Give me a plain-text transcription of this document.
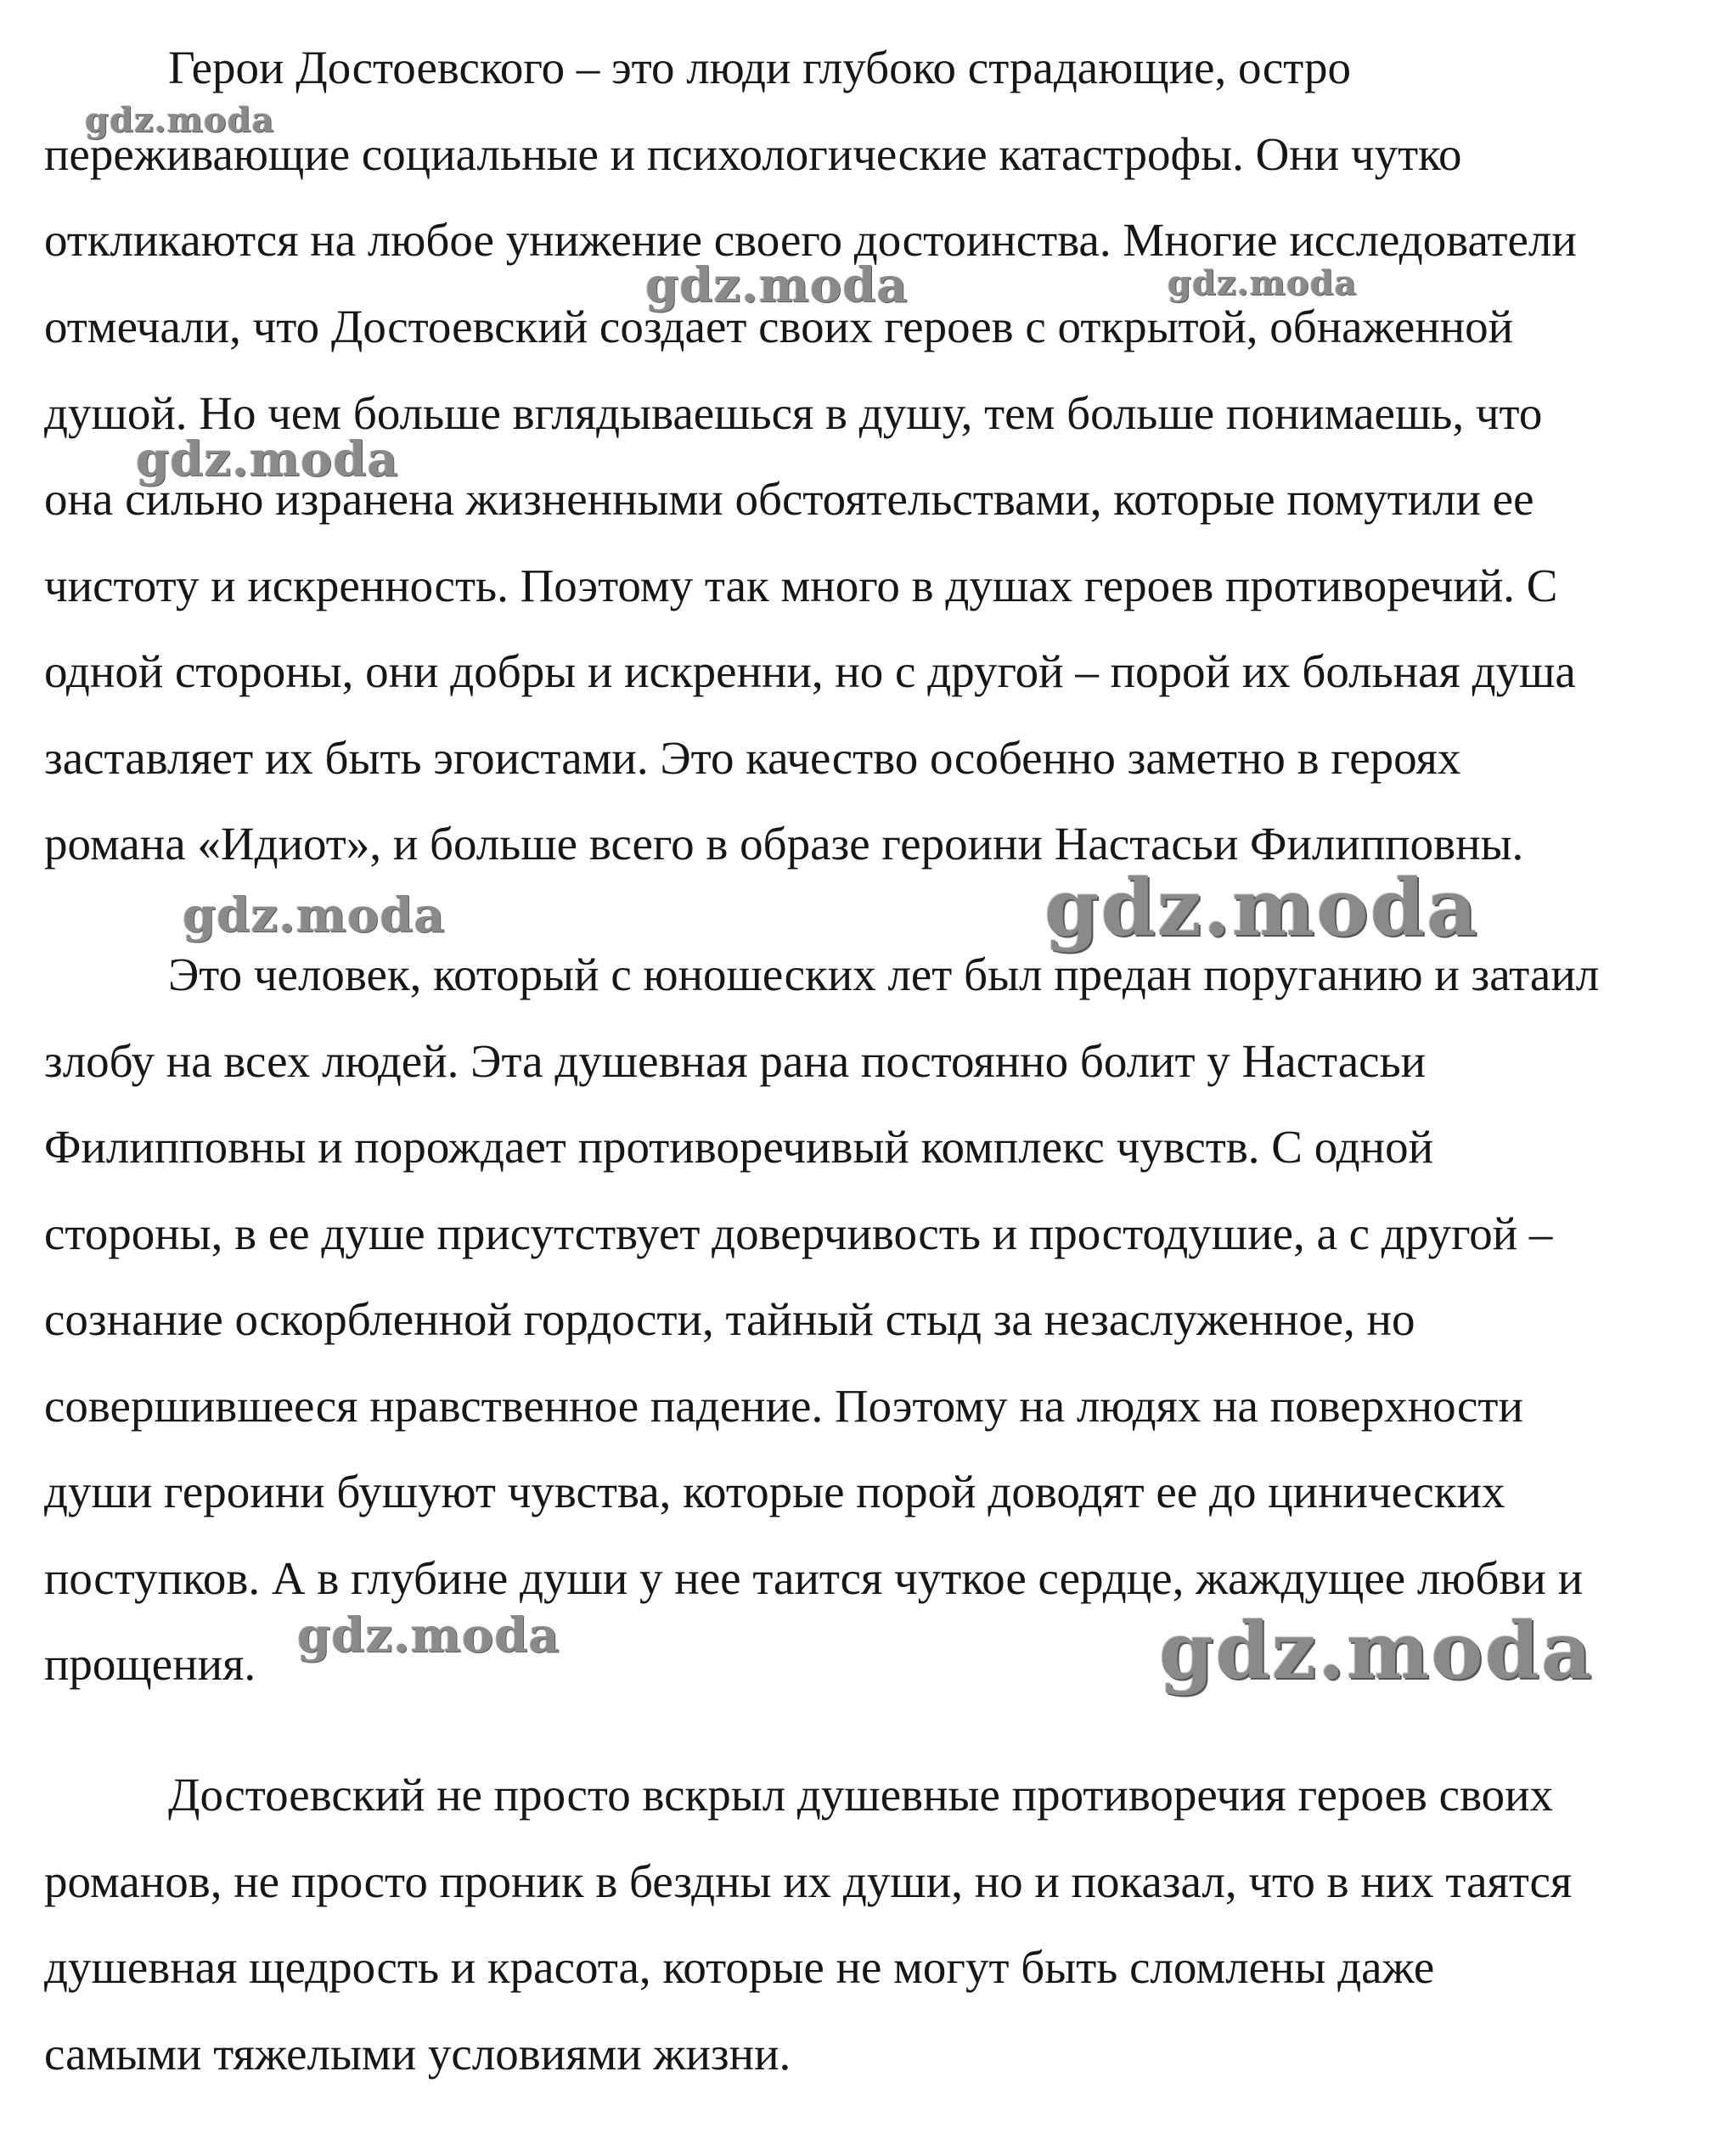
Герои Достоевского – это люди глубоко страдающие, остро
переживающие социальные и психологические катастрофы. Они чутко
откликаются на любое унижение своего достоинства. Многие исследователи
отмечали, что Достоевский создает своих героев с открытой, обнаженной
душой. Но чем больше вглядываешься в душу, тем больше понимаешь, что
она сильно изранена жизненными обстоятельствами, которые помутили ее
чистоту и искренность. Поэтому так много в душах героев противоречий. С
одной стороны, они добры и искренни, но с другой – порой их больная душа
заставляет их быть эгоистами. Это качество особенно заметно в героях
романа «Идиот», и больше всего в образе героини Настасьи Филипповны.
Это человек, который с юношеских лет был предан поруганию и затаил
злобу на всех людей. Эта душевная рана постоянно болит у Настасьи
Филипповны и порождает противоречивый комплекс чувств. С одной
стороны, в ее душе присутствует доверчивость и простодушие, а с другой –
сознание оскорбленной гордости, тайный стыд за незаслуженное, но
совершившееся нравственное падение. Поэтому на людях на поверхности
души героини бушуют чувства, которые порой доводят ее до цинических
поступков. А в глубине души у нее таится чуткое сердце, жаждущее любви и
прощения.
Достоевский не просто вскрыл душевные противоречия героев своих
романов, не просто проник в бездны их души, но и показал, что в них таятся
душевная щедрость и красота, которые не могут быть сломлены даже
самыми тяжелыми условиями жизни.
gdz.moda
gdz.moda	gdz.moda
gdz.moda
gdz.moda	gdz.moda
gdz.moda	gdz.moda
